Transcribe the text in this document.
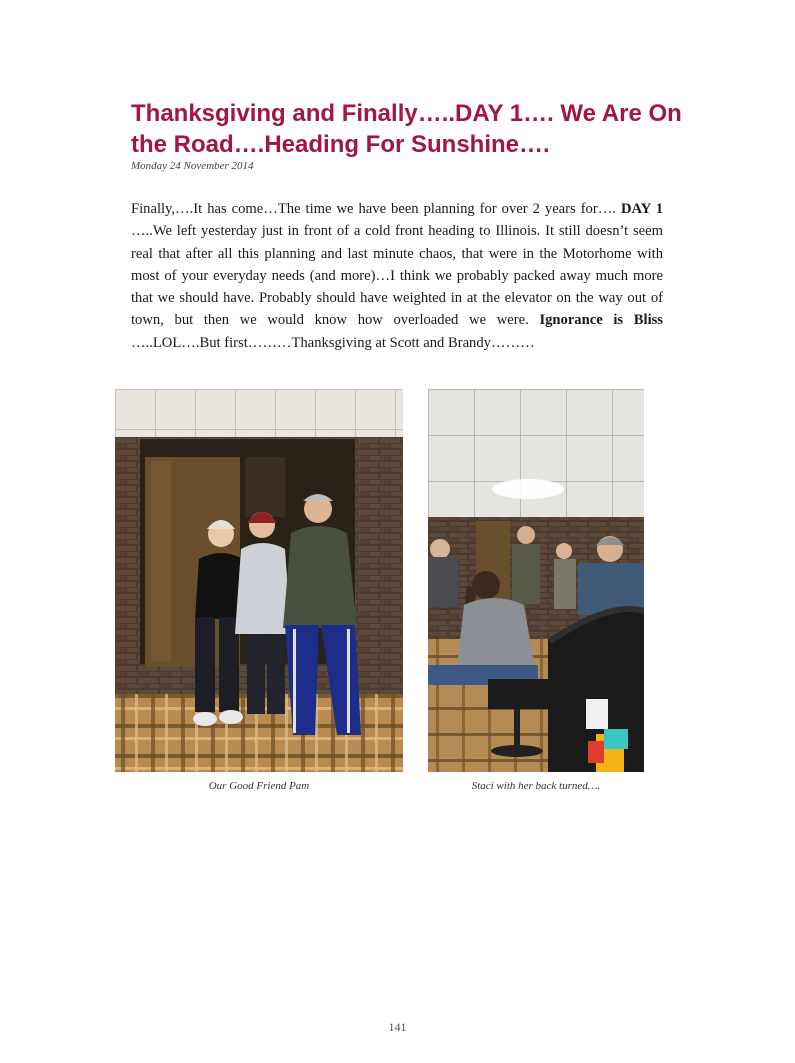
Thanksgiving and Finally…..DAY 1…. We Are On the Road….Heading For Sunshine….
Monday 24 November 2014

Finally,….It has come…The time we have been planning for over 2 years for…. DAY 1 …..We left yesterday just in front of a cold front heading to Illinois. It still doesn’t seem real that after all this planning and last minute chaos, that were in the Motorhome with most of your everyday needs (and more)…I think we probably packed away much more that we should have. Probably should have weighted in at the elevator on the way out of town, but then we would know how overloaded we were. Ignorance is Bliss …..LOL….But first………Thanksgiving at Scott and Brandy………

Our Good Friend Pam	Staci with her back turned….
141
